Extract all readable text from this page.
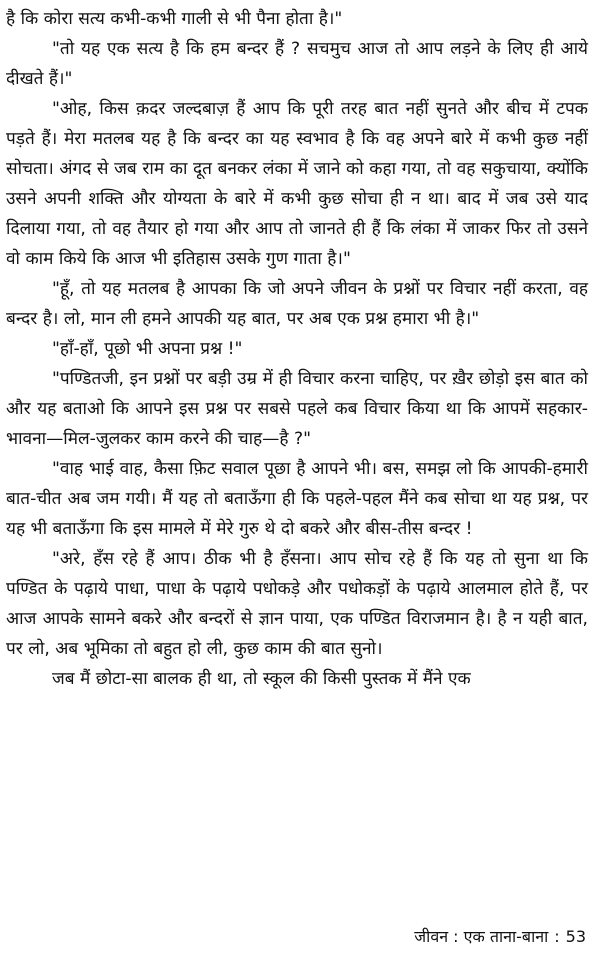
है कि कोरा सत्य कभी-कभी गाली से भी पैना होता है।"

"तो यह एक सत्य है कि हम बन्दर हैं ? सचमुच आज तो आप लड़ने के लिए ही आये दीखते हैं।"

"ओह, किस क़दर जल्दबाज़ हैं आप कि पूरी तरह बात नहीं सुनते और बीच में टपक पड़ते हैं। मेरा मतलब यह है कि बन्दर का यह स्वभाव है कि वह अपने बारे में कभी कुछ नहीं सोचता। अंगद से जब राम का दूत बनकर लंका में जाने को कहा गया, तो वह सकुचाया, क्योंकि उसने अपनी शक्ति और योग्यता के बारे में कभी कुछ सोचा ही न था। बाद में जब उसे याद दिलाया गया, तो वह तैयार हो गया और आप तो जानते ही हैं कि लंका में जाकर फिर तो उसने वो काम किये कि आज भी इतिहास उसके गुण गाता है।"

"हूँ, तो यह मतलब है आपका कि जो अपने जीवन के प्रश्नों पर विचार नहीं करता, वह बन्दर है। लो, मान ली हमने आपकी यह बात, पर अब एक प्रश्न हमारा भी है।"

"हाँ-हाँ, पूछो भी अपना प्रश्न !"

"पण्डितजी, इन प्रश्नों पर बड़ी उम्र में ही विचार करना चाहिए, पर ख़ैर छोड़ो इस बात को और यह बताओ कि आपने इस प्रश्न पर सबसे पहले कब विचार किया था कि आपमें सहकार-भावना—मिल-जुलकर काम करने की चाह—है ?"

"वाह भाई वाह, कैसा फ़िट सवाल पूछा है आपने भी। बस, समझ लो कि आपकी-हमारी बात-चीत अब जम गयी। मैं यह तो बताऊँगा ही कि पहले-पहल मैंने कब सोचा था यह प्रश्न, पर यह भी बताऊँगा कि इस मामले में मेरे गुरु थे दो बकरे और बीस-तीस बन्दर !

"अरे, हँस रहे हैं आप। ठीक भी है हँसना। आप सोच रहे हैं कि यह तो सुना था कि पण्डित के पढ़ाये पाधा, पाधा के पढ़ाये पधोकड़े और पधोकड़ों के पढ़ाये आलमाल होते हैं, पर आज आपके सामने बकरे और बन्दरों से ज्ञान पाया, एक पण्डित विराजमान है। है न यही बात, पर लो, अब भूमिका तो बहुत हो ली, कुछ काम की बात सुनो।

जब मैं छोटा-सा बालक ही था, तो स्कूल की किसी पुस्तक में मैंने एक

जीवन : एक ताना-बाना : 53
